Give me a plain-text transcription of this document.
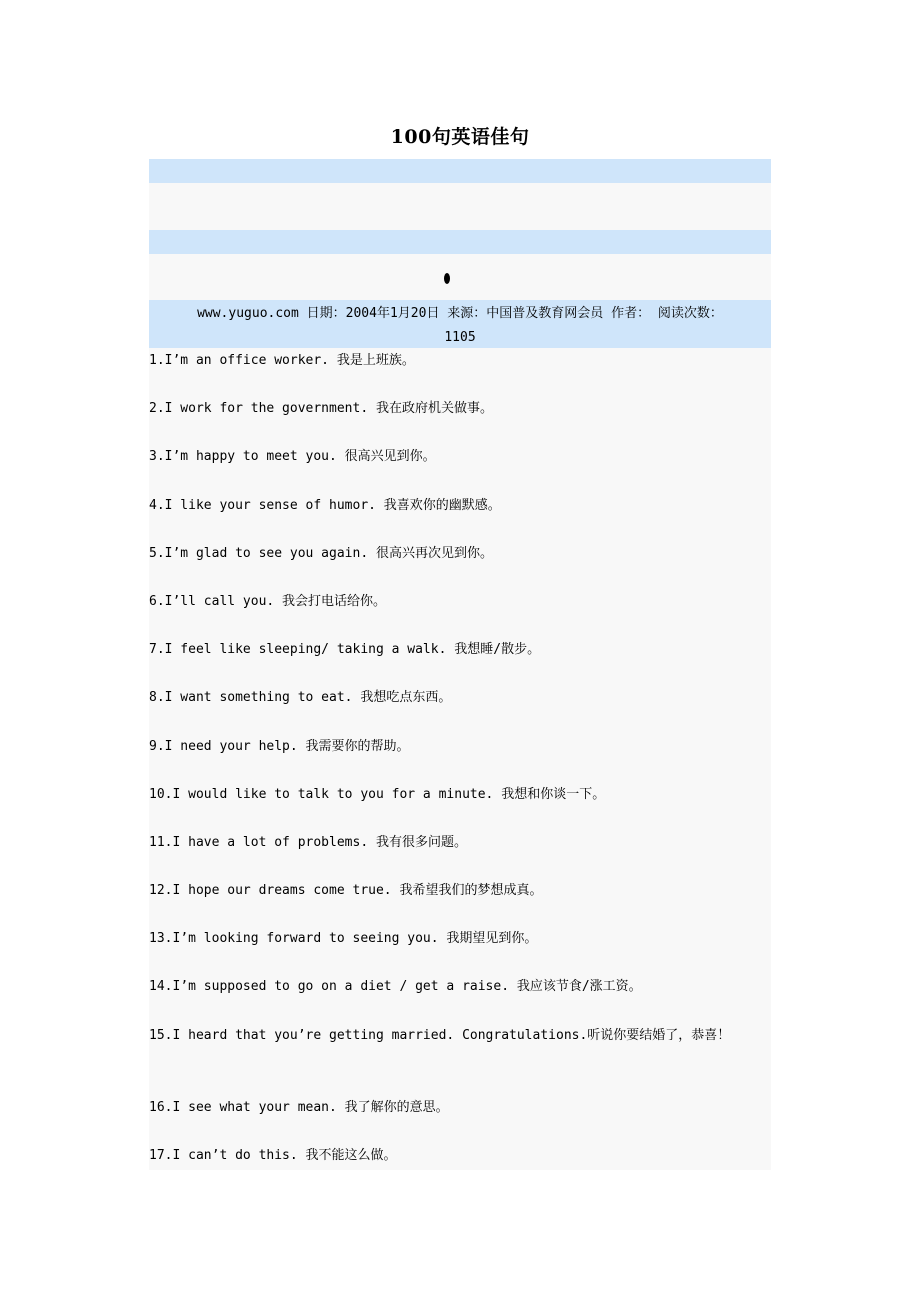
100句英语佳句
www.yuguo.com 日期：2004年1月20日 来源：中国普及教育网会员 作者： 阅读次数：
1105
1.I’m an office worker. 我是上班族。
2.I work for the government. 我在政府机关做事。
3.I’m happy to meet you. 很高兴见到你。
4.I like your sense of humor. 我喜欢你的幽默感。
5.I’m glad to see you again. 很高兴再次见到你。
6.I’ll call you. 我会打电话给你。
7.I feel like sleeping/ taking a walk. 我想睡/散步。
8.I want something to eat. 我想吃点东西。
9.I need your help. 我需要你的帮助。
10.I would like to talk to you for a minute. 我想和你谈一下。
11.I have a lot of problems. 我有很多问题。
12.I hope our dreams come true. 我希望我们的梦想成真。
13.I’m looking forward to seeing you. 我期望见到你。
14.I’m supposed to go on a diet / get a raise. 我应该节食/涨工资。
15.I heard that you’re getting married. Congratulations.听说你要结婚了，恭喜！
16.I see what your mean. 我了解你的意思。
17.I can’t do this. 我不能这么做。
